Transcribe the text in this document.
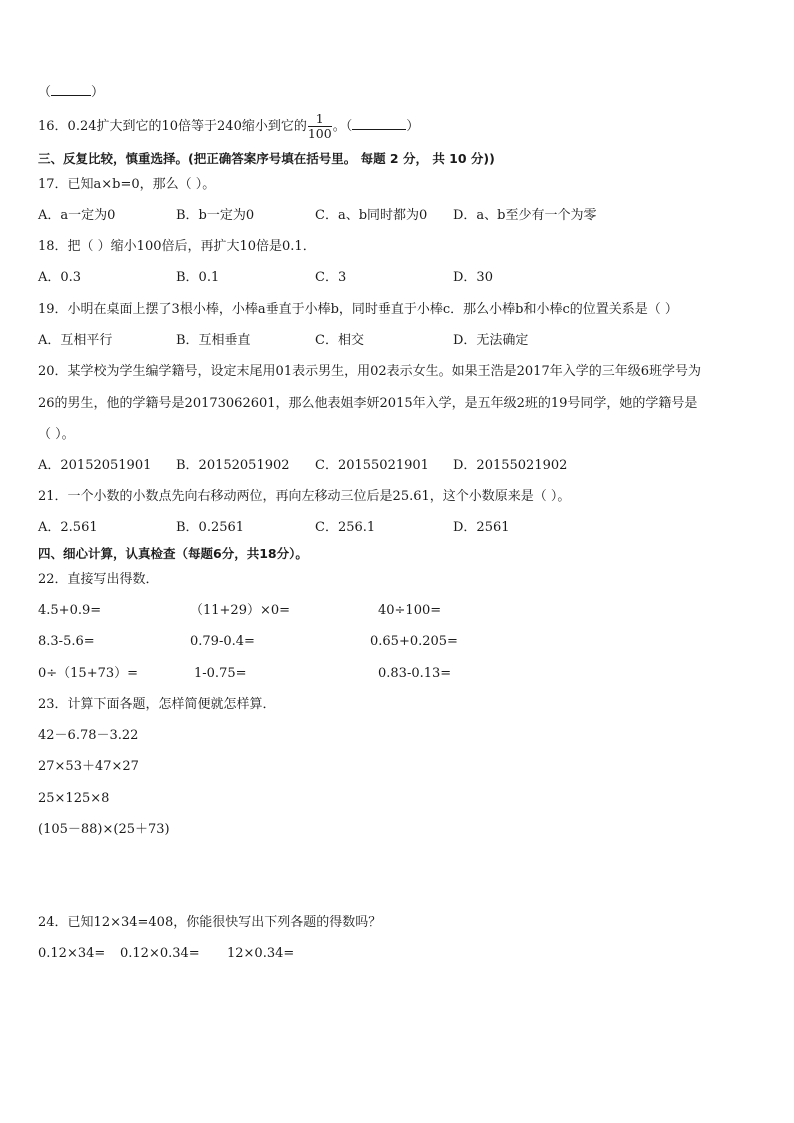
（	）
16．0.24扩大到它的10倍等于240缩小到它的 $\frac{1}{100}$ 。（	）
三、反复比较，慎重选择。(把正确答案序号填在括号里。 每题 2 分， 共 10 分))
17．已知a×b=0，那么（ ）。
A．a一定为0	B．b一定为0	C．a、b同时都为0 D．a、b至少有一个为零
18．把（ ）缩小100倍后，再扩大10倍是0.1．
A．0.3	B．0.1	C．3	D．30
19．小明在桌面上摆了3根小棒，小棒a垂直于小棒b，同时垂直于小棒c．那么小棒b和小棒c的位置关系是（ ）
A．互相平行	B．互相垂直	C．相交	D．无法确定
20．某学校为学生编学籍号，设定末尾用01表示男生，用02表示女生。如果王浩是2017年入学的三年级6班学号为
26的男生，他的学籍号是20173062601，那么他表姐李妍2015年入学，是五年级2班的19号同学，她的学籍号是
（ ）。
A．20152051901 B．20152051902 C．20155021901 D．20155021902
21．一个小数的小数点先向右移动两位，再向左移动三位后是25.61，这个小数原来是（ ）。
A．2.561	B．0.2561	C．256.1	D．2561
四、细心计算，认真检查（每题6分，共18分）。
22．直接写出得数．
4.5+0.9=	（11+29）×0=	40÷100=
8.3-5.6=	0.79-0.4=	0.65+0.205=
0÷（15+73）=	1-0.75=	0.83-0.13=
23．计算下面各题，怎样简便就怎样算．
42－6.78－3.22
27×53＋47×27
25×125×8
(105－88)×(25＋73)
24．已知12×34=408，你能很快写出下列各题的得数吗？
0.12×34= 0.12×0.34= 12×0.34=
